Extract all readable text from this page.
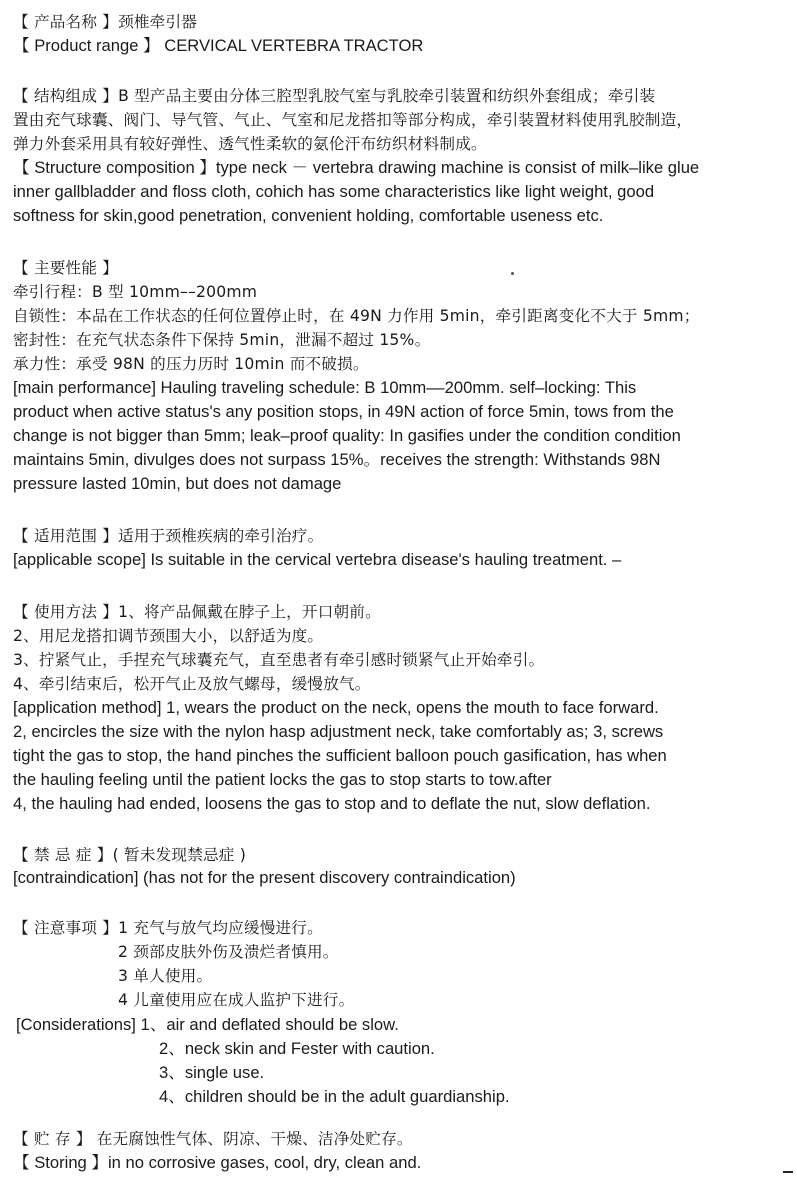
【 产品名称 】颈椎牵引器
【 Product range 】 CERVICAL VERTEBRA TRACTOR
【 结构组成 】B 型产品主要由分体三腔型乳胶气室与乳胶牵引装置和纺织外套组成；牵引装
置由充气球囊、阀门、导气管、气止、气室和尼龙搭扣等部分构成，牵引装置材料使用乳胶制造，
弹力外套采用具有较好弹性、透气性柔软的氨伦汗布纺织材料制成。
【 Structure composition 】type neck － vertebra drawing machine is consist of milk–like glue
inner gallbladder and floss cloth, cohich has some characteristics like light weight, good
softness for skin,good penetration, convenient holding, comfortable useness etc.
【 主要性能 】
牵引行程：B 型 10mm––200mm
自锁性：本品在工作状态的任何位置停止时，在 49N 力作用 5min，牵引距离变化不大于 5mm；
密封性：在充气状态条件下保持 5min，泄漏不超过 15%。
承力性：承受 98N 的压力历时 10min 而不破损。
[main performance] Hauling traveling schedule: B 10mm––200mm. self–locking: This
product when active status's any position stops, in 49N action of force 5min, tows from the
change is not bigger than 5mm; leak–proof quality: In gasifies under the condition condition
maintains 5min, divulges does not surpass 15%。receives the strength: Withstands 98N
pressure lasted 10min, but does not damage
【 适用范围 】适用于颈椎疾病的牵引治疗。
[applicable scope] Is suitable in the cervical vertebra disease's hauling treatment. –
【 使用方法 】1、将产品佩戴在脖子上，开口朝前。
2、用尼龙搭扣调节颈围大小，以舒适为度。
3、拧紧气止，手捏充气球囊充气，直至患者有牵引感时锁紧气止开始牵引。
4、牵引结束后，松开气止及放气螺母，缓慢放气。
[application method] 1, wears the product on the neck, opens the mouth to face forward.
2, encircles the size with the nylon hasp adjustment neck, take comfortably as; 3, screws
tight the gas to stop, the hand pinches the sufficient balloon pouch gasification, has when
the hauling feeling until the patient locks the gas to stop starts to tow.after
4, the hauling had ended, loosens the gas to stop and to deflate the nut, slow deflation.
【 禁 忌 症 】( 暂未发现禁忌症 )
[contraindication] (has not for the present discovery contraindication)
【 注意事项 】1 充气与放气均应缓慢进行。
2 颈部皮肤外伤及溃烂者慎用。
3 单人使用。
4 儿童使用应在成人监护下进行。
[Considerations] 1、air and deflated should be slow.
2、neck skin and Fester with caution.
3、single use.
4、children should be in the adult guardianship.
【 贮 存 】 在无腐蚀性气体、阴凉、干燥、洁净处贮存。
【 Storing 】in no corrosive gases, cool, dry, clean and.
